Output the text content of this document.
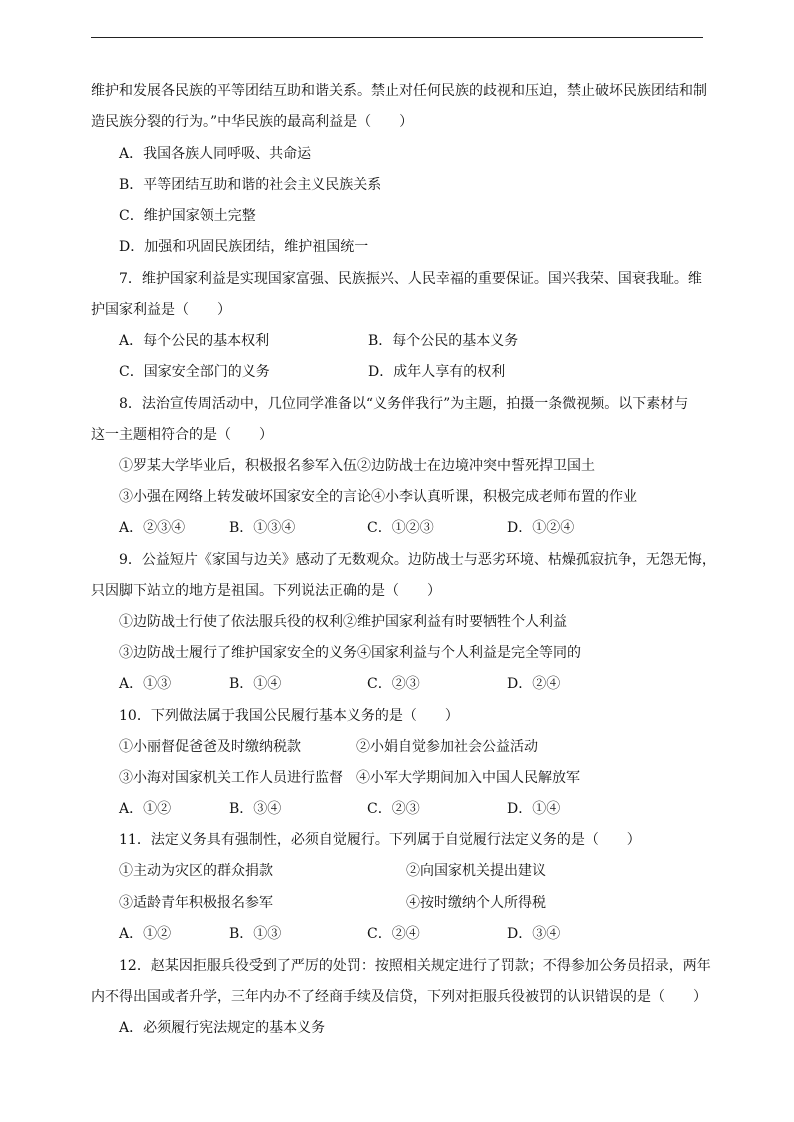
维护和发展各民族的平等团结互助和谐关系。禁止对任何民族的歧视和压迫，禁止破坏民族团结和制
造民族分裂的行为。”中华民族的最高利益是（　　）
A．我国各族人同呼吸、共命运
B．平等团结互助和谐的社会主义民族关系
C．维护国家领土完整
D．加强和巩固民族团结，维护祖国统一
7．维护国家利益是实现国家富强、民族振兴、人民幸福的重要保证。国兴我荣、国衰我耻。维
护国家利益是（　　）
A．每个公民的基本权利	B．每个公民的基本义务
C．国家安全部门的义务	D．成年人享有的权利
8．法治宣传周活动中，几位同学准备以“义务伴我行”为主题，拍摄一条微视频。以下素材与
这一主题相符合的是（　　）
①罗某大学毕业后，积极报名参军入伍②边防战士在边境冲突中誓死捍卫国土
③小强在网络上转发破坏国家安全的言论④小李认真听课，积极完成老师布置的作业
A．②③④	B．①③④	C．①②③	D．①②④
9．公益短片《家国与边关》感动了无数观众。边防战士与恶劣环境、枯燥孤寂抗争，无怨无悔，
只因脚下站立的地方是祖国。下列说法正确的是（　　）
①边防战士行使了依法服兵役的权利②维护国家利益有时要牺牲个人利益
③边防战士履行了维护国家安全的义务④国家利益与个人利益是完全等同的
A．①③	B．①④	C．②③	D．②④
10．下列做法属于我国公民履行基本义务的是（　　）
①小丽督促爸爸及时缴纳税款	②小娟自觉参加社会公益活动
③小海对国家机关工作人员进行监督 ④小军大学期间加入中国人民解放军
A．①②	B．③④	C．②③	D．①④
11．法定义务具有强制性，必须自觉履行。下列属于自觉履行法定义务的是（　　）
①主动为灾区的群众捐款	②向国家机关提出建议
③适龄青年积极报名参军	④按时缴纳个人所得税
A．①②	B．①③	C．②④	D．③④
12．赵某因拒服兵役受到了严厉的处罚：按照相关规定进行了罚款；不得参加公务员招录，两年
内不得出国或者升学，三年内办不了经商手续及信贷，下列对拒服兵役被罚的认识错误的是（　　）
A．必须履行宪法规定的基本义务
